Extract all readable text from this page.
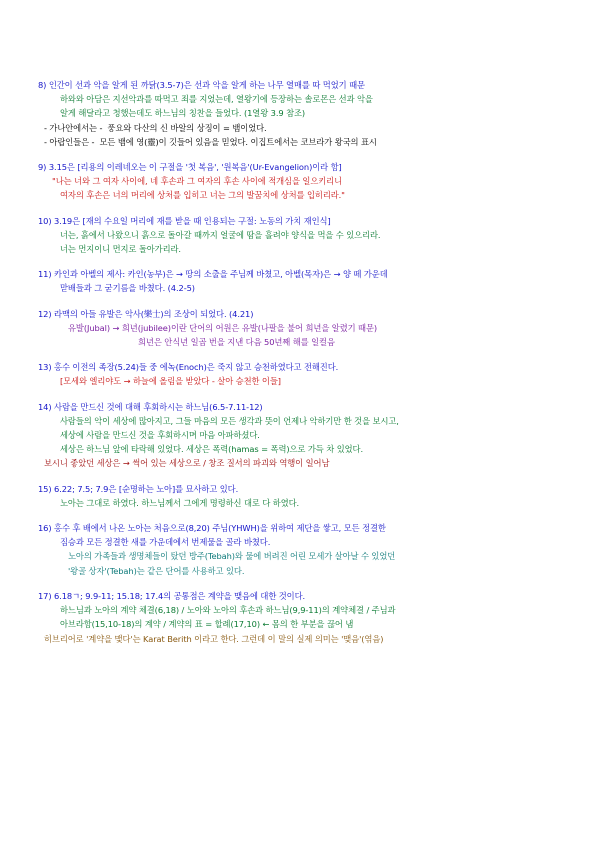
8) 인간이 선과 악을 알게 된 까닭(3.5-7)은 선과 악을 알게 하는 나무 열매를 따 먹었기 때문
하와와 아담은 지선악과를 따먹고 죄를 지었는데, 열왕기에 등장하는 솔로몬은 선과 악을
알게 해달라고 청했는데도 하느님의 칭찬을 들었다. (1열왕 3.9 참조)
- 가나안에서는 -  풍요와 다산의 신 바알의 상징이 = 뱀이었다.
- 아랍인들은 -  모든 뱀에 영(靈)이 깃들어 있음을 믿었다. 이집트에서는 코브라가 왕국의 표시
9) 3.15은 [리용의 이레네오는 이 구절을 '첫 복음', '원복음'(Ur-Evangelion)이라 함]
"나는 너와 그 여자 사이에, 네 후손과 그 여자의 후손 사이에 적개심을 일으키리니
여자의 후손은 너의 머리에 상처를 입히고 너는 그의 발꿈치에 상처를 입히리라."
10) 3.19은 [재의 수요일 머리에 재를 받을 때 인용되는 구절: 노동의 가치 재인식]
너는, 흙에서 나왔으니 흙으로 돌아갈 때까지 얼굴에 땀을 흘려야 양식을 먹을 수 있으리라.
너는 먼지이니 먼지로 돌아가리라.
11) 카인과 아벨의 제사: 카인(농부)은 → 땅의 소출을 주님께 바쳤고, 아벨(목자)은 → 양 떼 가운데
맏배들과 그 굳기름을 바쳤다. (4.2-5)
12) 라맥의 아들 유발은 악사(樂士)의 조상이 되었다. (4.21)
유발(Jubal) → 희년(jubilee)이란 단어의 어원은 유발(나팔을 불어 희년을 알렸기 때문)
희년은 안식년 일곱 번을 지낸 다음 50년째 해를 일컬음
13) 홍수 이전의 족장(5.24)들 중 에녹(Enoch)은 죽지 않고 승천하였다고 전해진다.
[모세와 엘리야도 → 하늘에 올림을 받았다 - 살아 승천한 이들]
14) 사람을 만드신 것에 대해 후회하시는 하느님(6.5-7.11-12)
사람들의 악이 세상에 많아지고, 그들 마음의 모든 생각과 뜻이 언제나 악하기만 한 것을 보시고,
세상에 사람을 만드신 것을 후회하시며 마음 아파하셨다.
세상은 하느님 앞에 타락해 있었다. 세상은 폭력(hamas = 폭력)으로 가득 차 있었다.
보시니 좋았던 세상은 → 썩어 있는 세상으로 / 창조 질서의 파괴와 역행이 일어남
15) 6.22; 7.5; 7.9은 [순명하는 노아]를 묘사하고 있다.
노아는 그대로 하였다. 하느님께서 그에게 명령하신 대로 다 하였다.
16) 홍수 후 배에서 나온 노아는 처음으로(8,20) 주님(YHWH)을 위하여 제단을 쌓고, 모든 정결한
짐승과 모든 정결한 새를 가운데에서 번제물을 골라 바쳤다.
노아의 가족들과 생명체들이 탔던 방주(Tebah)와 물에 버려진 어린 모세가 살아날 수 있었던
'왕골 상자'(Tebah)는 같은 단어를 사용하고 있다.
17) 6.18ㄱ; 9.9-11; 15.18; 17.4의 공통점은 계약을 맺음에 대한 것이다.
하느님과 노아의 계약 체결(6,18) / 노아와 노아의 후손과 하느님(9,9-11)의 계약체결 / 주님과
아브라함(15,10-18)의 계약 / 계약의 표 = 할례(17,10) ← 몸의 한 부분을 끊어 냄
히브리어로 '계약을 맺다'는 Karat Berith 이라고 한다. 그런데 이 말의 실제 의미는 '맺음'(엮음)
